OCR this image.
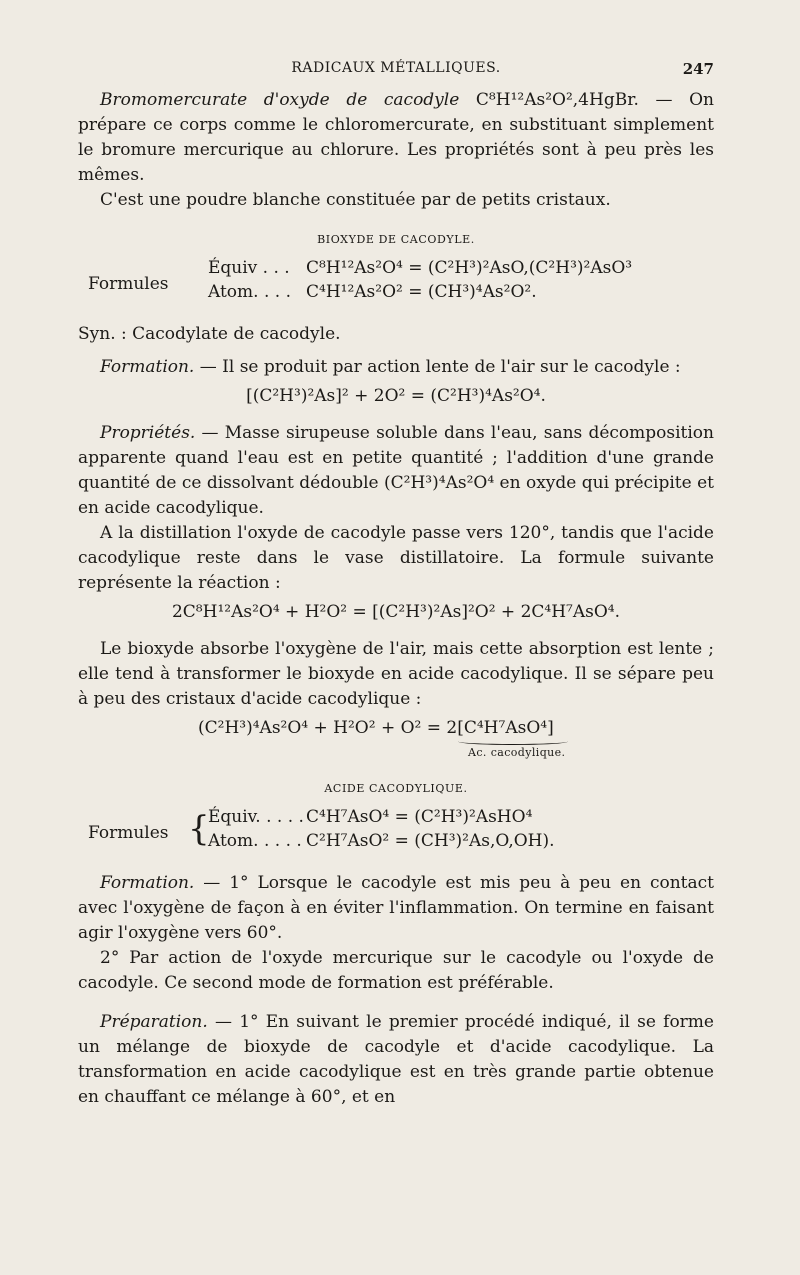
RADICAUX MÉTALLIQUES.	247

Bromomercurate d'oxyde de cacodyle C⁸H¹²As²O²,4HgBr. — On prépare ce corps comme le chloromercurate, en substituant simplement le bromure mercurique au chlorure. Les propriétés sont à peu près les mêmes.

C'est une poudre blanche constituée par de petits cristaux.

BIOXYDE DE CACODYLE.

Formules
Équiv . . . C⁸H¹²As²O⁴ = (C²H³)²AsO,(C²H³)²AsO³
Atom. . . . C⁴H¹²As²O² = (CH³)⁴As²O².

Syn. : Cacodylate de cacodyle.

Formation. — Il se produit par action lente de l'air sur le cacodyle :

[(C²H³)²As]² + 2O² = (C²H³)⁴As²O⁴.

Propriétés. — Masse sirupeuse soluble dans l'eau, sans décomposition apparente quand l'eau est en petite quantité ; l'addition d'une grande quantité de ce dissolvant dédouble (C²H³)⁴As²O⁴ en oxyde qui précipite et en acide cacodylique.

A la distillation l'oxyde de cacodyle passe vers 120°, tandis que l'acide cacodylique reste dans le vase distillatoire. La formule suivante représente la réaction :

2C⁸H¹²As²O⁴ + H²O² = [(C²H³)²As]²O² + 2C⁴H⁷AsO⁴.

Le bioxyde absorbe l'oxygène de l'air, mais cette absorption est lente ; elle tend à transformer le bioxyde en acide cacodylique. Il se sépare peu à peu des cristaux d'acide cacodylique :

(C²H³)⁴As²O⁴ + H²O² + O² = 2[C⁴H⁷AsO⁴]
Ac. cacodylique.

ACIDE CACODYLIQUE.

Formules {
Équiv. . . . . C⁴H⁷AsO⁴ = (C²H³)²AsHO⁴
Atom. . . . . C²H⁷AsO² = (CH³)²As,O,OH).

Formation. — 1° Lorsque le cacodyle est mis peu à peu en contact avec l'oxygène de façon à en éviter l'inflammation. On termine en faisant agir l'oxygène vers 60°.

2° Par action de l'oxyde mercurique sur le cacodyle ou l'oxyde de cacodyle. Ce second mode de formation est préférable.

Préparation. — 1° En suivant le premier procédé indiqué, il se forme un mélange de bioxyde de cacodyle et d'acide cacodylique. La transformation en acide cacodylique est en très grande partie obtenue en chauffant ce mélange à 60°, et en
